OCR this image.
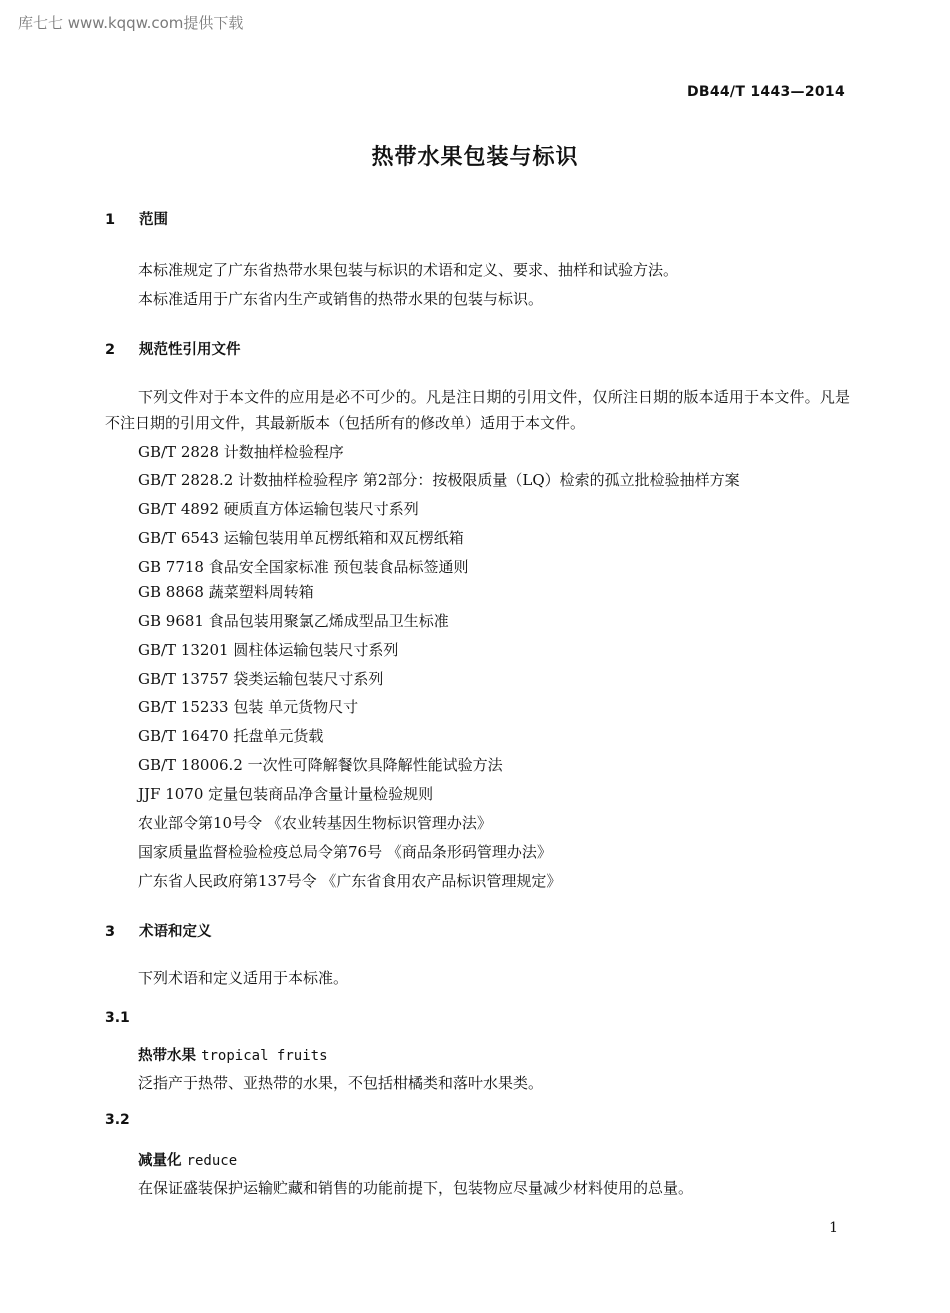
库七七 www.kqqw.com提供下载
DB44/T 1443—2014
热带水果包装与标识
1 范围
本标准规定了广东省热带水果包装与标识的术语和定义、要求、抽样和试验方法。
本标准适用于广东省内生产或销售的热带水果的包装与标识。
2 规范性引用文件
下列文件对于本文件的应用是必不可少的。凡是注日期的引用文件，仅所注日期的版本适用于本文件。凡是不注日期的引用文件，其最新版本（包括所有的修改单）适用于本文件。
GB/T 2828 计数抽样检验程序
GB/T 2828.2 计数抽样检验程序 第2部分：按极限质量（LQ）检索的孤立批检验抽样方案
GB/T 4892 硬质直方体运输包装尺寸系列
GB/T 6543 运输包装用单瓦楞纸箱和双瓦楞纸箱
GB 7718 食品安全国家标准 预包装食品标签通则
GB 8868 蔬菜塑料周转箱
GB 9681 食品包装用聚氯乙烯成型品卫生标准
GB/T 13201 圆柱体运输包装尺寸系列
GB/T 13757 袋类运输包装尺寸系列
GB/T 15233 包装 单元货物尺寸
GB/T 16470 托盘单元货载
GB/T 18006.2 一次性可降解餐饮具降解性能试验方法
JJF 1070 定量包装商品净含量计量检验规则
农业部令第10号令 《农业转基因生物标识管理办法》
国家质量监督检验检疫总局令第76号 《商品条形码管理办法》
广东省人民政府第137号令 《广东省食用农产品标识管理规定》
3 术语和定义
下列术语和定义适用于本标准。
3.1
热带水果 tropical fruits
泛指产于热带、亚热带的水果，不包括柑橘类和落叶水果类。
3.2
减量化 reduce
在保证盛装保护运输贮藏和销售的功能前提下，包装物应尽量减少材料使用的总量。
1
